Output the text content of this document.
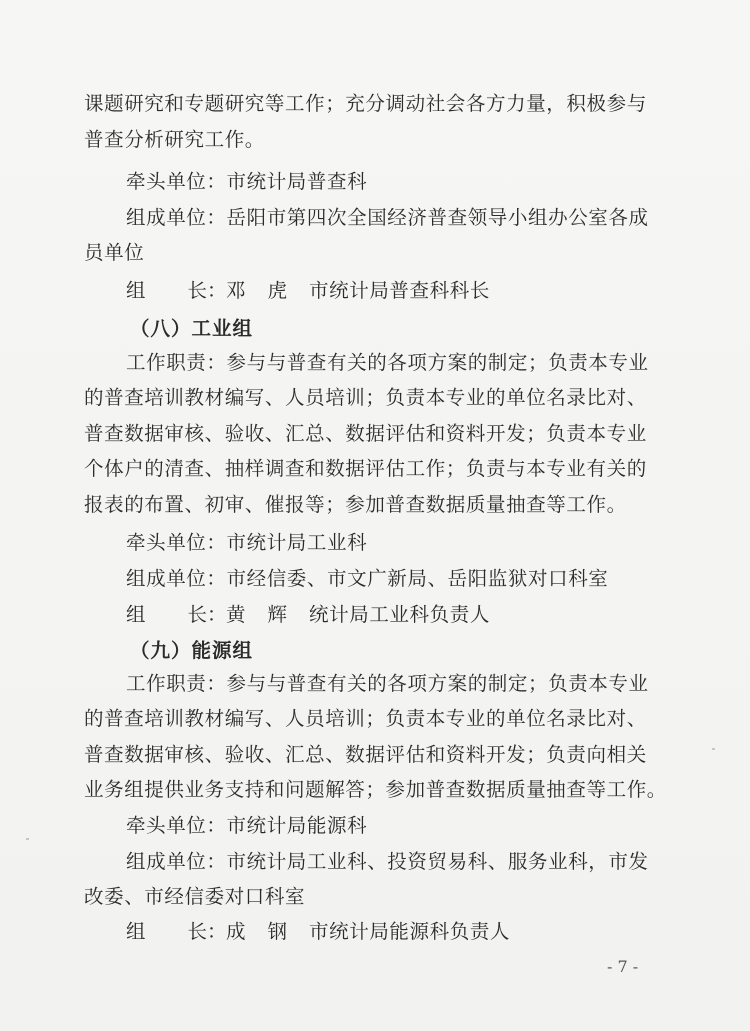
课题研究和专题研究等工作；充分调动社会各方力量，积极参与
普查分析研究工作。
牵头单位：市统计局普查科
组成单位：岳阳市第四次全国经济普查领导小组办公室各成
员单位
组 长：邓 虎 市统计局普查科科长
（八）工业组
工作职责：参与与普查有关的各项方案的制定；负责本专业
的普查培训教材编写、人员培训；负责本专业的单位名录比对、
普查数据审核、验收、汇总、数据评估和资料开发；负责本专业
个体户的清查、抽样调查和数据评估工作；负责与本专业有关的
报表的布置、初审、催报等；参加普查数据质量抽查等工作。
牵头单位：市统计局工业科
组成单位：市经信委、市文广新局、岳阳监狱对口科室
组 长：黄 辉 统计局工业科负责人
（九）能源组
工作职责：参与与普查有关的各项方案的制定；负责本专业
的普查培训教材编写、人员培训；负责本专业的单位名录比对、
普查数据审核、验收、汇总、数据评估和资料开发；负责向相关
业务组提供业务支持和问题解答；参加普查数据质量抽查等工作。
牵头单位：市统计局能源科
组成单位：市统计局工业科、投资贸易科、服务业科，市发
改委、市经信委对口科室
组 长：成 钢 市统计局能源科负责人
- 7 -
